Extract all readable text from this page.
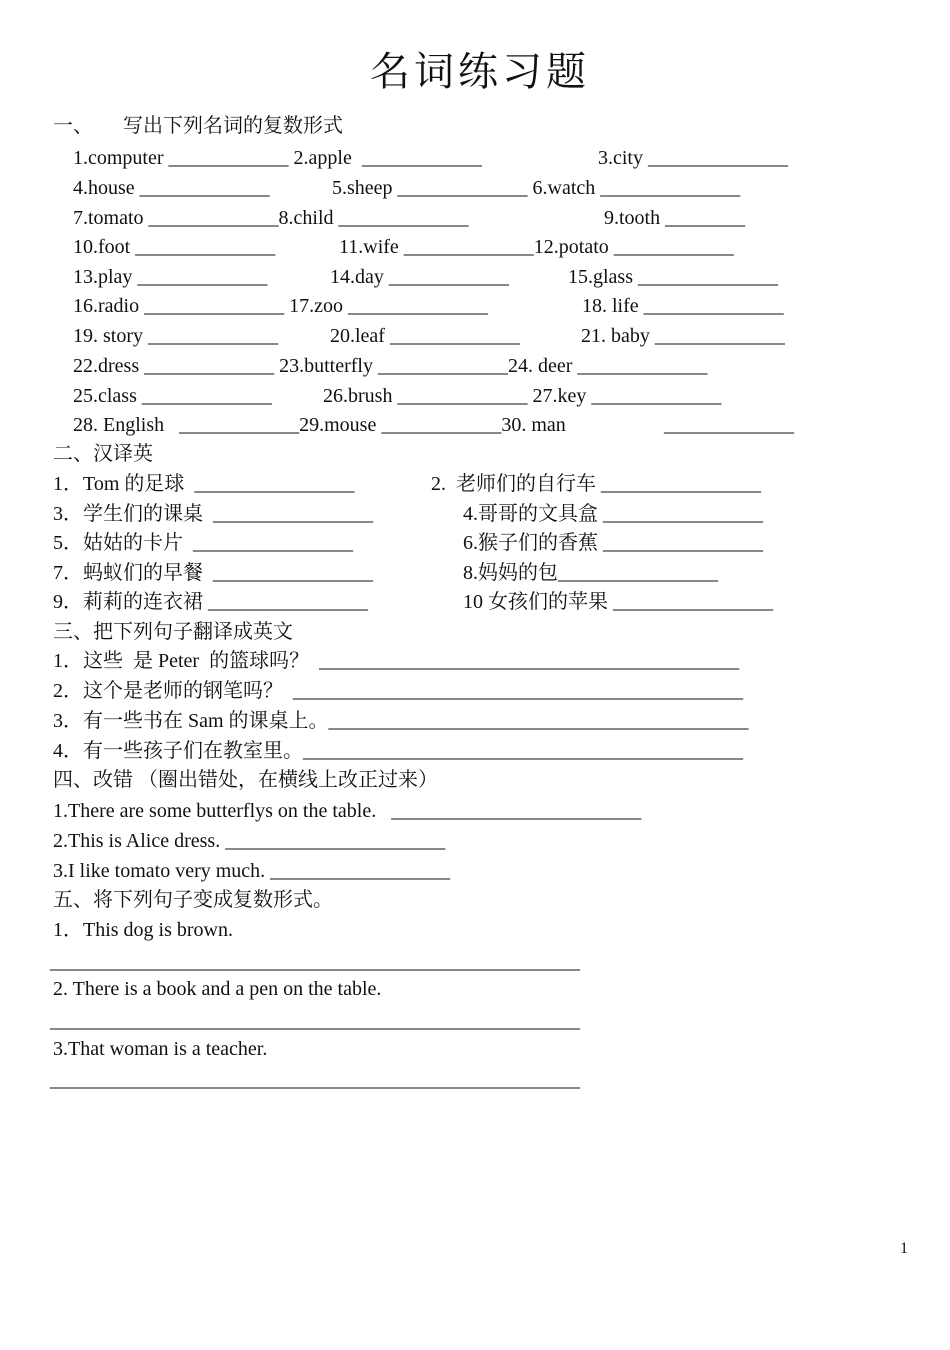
名词练习题
一、      写出下列名词的复数形式
1.computer ____________ 2.apple  ____________	3.city ______________
4.house _____________	5.sheep _____________ 6.watch ______________
7.tomato _____________8.child _____________	9.tooth ________
10.foot ______________	11.wife _____________12.potato ____________
13.play _____________	14.day ____________	15.glass ______________
16.radio ______________ 17.zoo ______________	18. life ______________
19. story _____________	20.leaf _____________	21. baby _____________
22.dress _____________ 23.butterfly _____________24. deer _____________
25.class _____________	26.brush _____________ 27.key _____________
28. English   ____________29.mouse ____________30. man	_____________
二、汉译英
1．Tom 的足球  ________________	2.  老师们的自行车 ________________
3．学生们的课桌  ________________	4.哥哥的文具盒 ________________
5．姑姑的卡片  ________________	6.猴子们的香蕉 ________________
7．蚂蚁们的早餐  ________________	8.妈妈的包________________
9．莉莉的连衣裙 ________________	10 女孩们的苹果 ________________
三、把下列句子翻译成英文
1．这些  是 Peter  的篮球吗？  __________________________________________
2．这个是老师的钢笔吗？  _____________________________________________
3．有一些书在 Sam 的课桌上。__________________________________________
4．有一些孩子们在教室里。____________________________________________
四、改错 （圈出错处，在横线上改正过来）
1.There are some butterflys on the table.   _________________________
2.This is Alice dress. ______________________
3.I like tomato very much. __________________
五、将下列句子变成复数形式。
1．This dog is brown.
_____________________________________________________
2. There is a book and a pen on the table.
_____________________________________________________
3.That woman is a teacher.
_____________________________________________________
1
